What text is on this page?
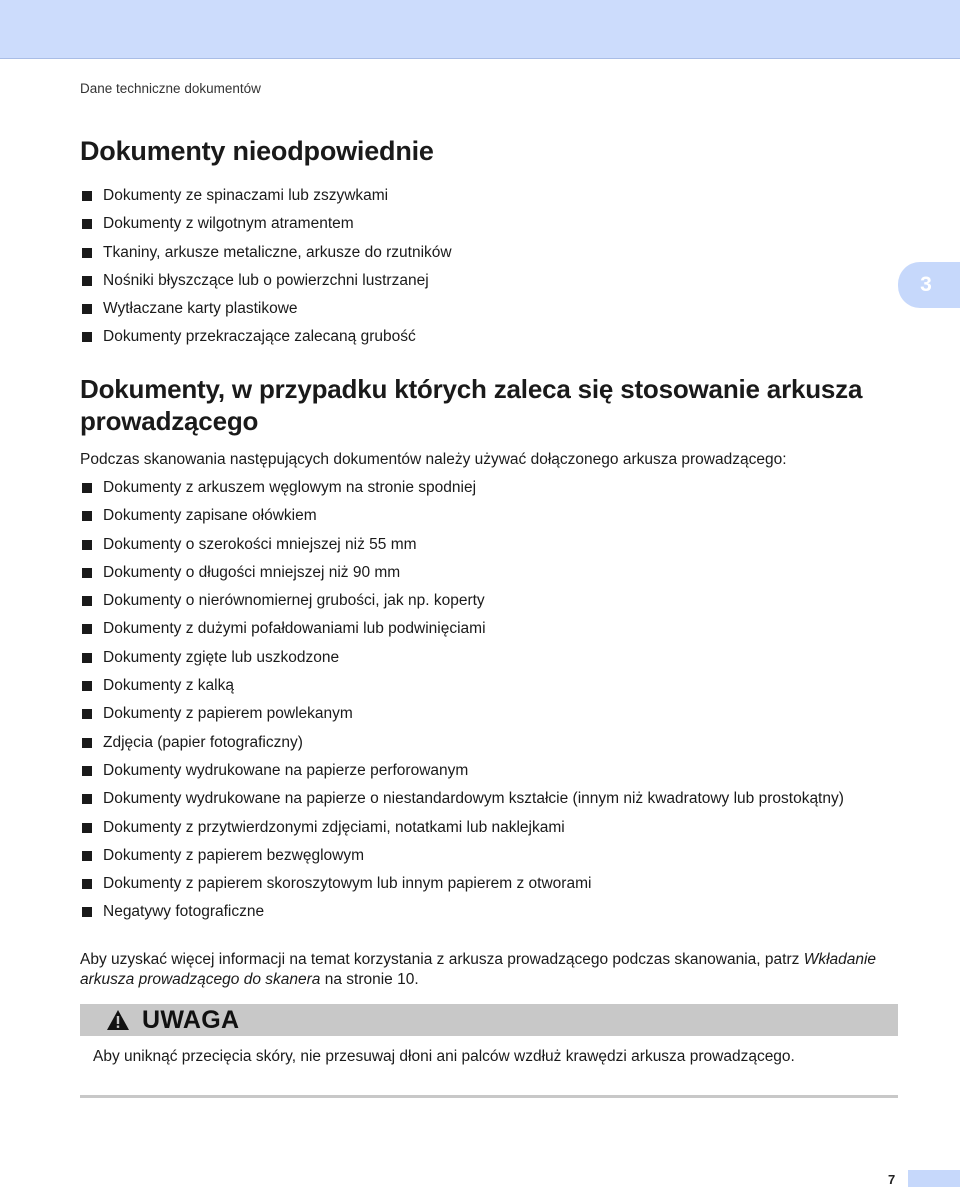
Dane techniczne dokumentów
3
Dokumenty nieodpowiednie
Dokumenty ze spinaczami lub zszywkami
Dokumenty z wilgotnym atramentem
Tkaniny, arkusze metaliczne, arkusze do rzutników
Nośniki błyszczące lub o powierzchni lustrzanej
Wytłaczane karty plastikowe
Dokumenty przekraczające zalecaną grubość
Dokumenty, w przypadku których zaleca się stosowanie arkusza prowadzącego

Podczas skanowania następujących dokumentów należy używać dołączonego arkusza prowadzącego:

Dokumenty z arkuszem węglowym na stronie spodniej
Dokumenty zapisane ołówkiem
Dokumenty o szerokości mniejszej niż 55 mm
Dokumenty o długości mniejszej niż 90 mm
Dokumenty o nierównomiernej grubości, jak np. koperty
Dokumenty z dużymi pofałdowaniami lub podwinięciami
Dokumenty zgięte lub uszkodzone
Dokumenty z kalką
Dokumenty z papierem powlekanym
Zdjęcia (papier fotograficzny)
Dokumenty wydrukowane na papierze perforowanym
Dokumenty wydrukowane na papierze o niestandardowym kształcie (innym niż kwadratowy lub prostokątny)
Dokumenty z przytwierdzonymi zdjęciami, notatkami lub naklejkami
Dokumenty z papierem bezwęglowym
Dokumenty z papierem skoroszytowym lub innym papierem z otworami
Negatywy fotograficzne

Aby uzyskać więcej informacji na temat korzystania z arkusza prowadzącego podczas skanowania, patrz Wkładanie arkusza prowadzącego do skanera na stronie 10.

UWAGA
Aby uniknąć przecięcia skóry, nie przesuwaj dłoni ani palców wzdłuż krawędzi arkusza prowadzącego.
7
